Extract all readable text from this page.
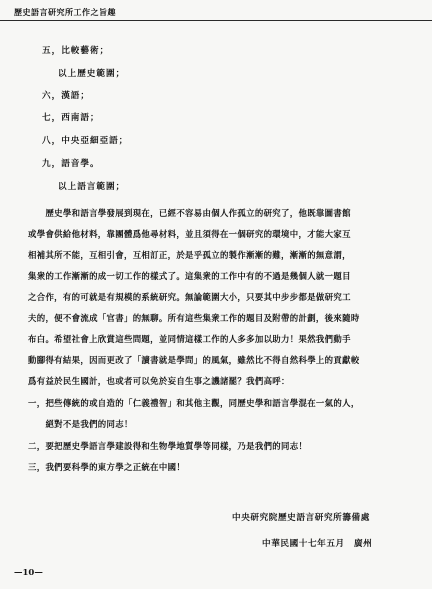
歷史語言研究所工作之旨趣
五，比較藝術；
以上歷史範圍；
六，漢語；
七，西南語；
八，中央亞細亞語；
九，語音學。
以上語言範圍；
　　歷史學和語言學發展到現在，已經不容易由個人作孤立的研究了，他既靠圖書館
或學會供給他材料，靠團體爲他尋材料，並且須得在一個研究的環境中，才能大家互
相補其所不能，互相引會，互相訂正，於是乎孤立的製作漸漸的難，漸漸的無意謂，
集衆的工作漸漸的成一切工作的樣式了。這集衆的工作中有的不過是幾個人就一題目
之合作，有的可就是有規模的系統研究。無論範圍大小，只要其中步步都是做研究工
夫的，便不會流成「官書」的無聊。所有這些集衆工作的題目及附帶的計劃，後來隨時
布白。希望社會上欣賞這些問題，並同情這樣工作的人多多加以助力！果然我們動手
動腳得有結果，因而更改了「讀書就是學問」的風氣，雖然比不得自然科學上的貢獻較
爲有益於民生國計，也或者可以免於妄自生事之譏諸罷？我們高呼：
一，把些傳統的或自造的「仁義禮智」和其他主觀，同歷史學和語言學混在一氣的人，
　　絕對不是我們的同志！
二，要把歷史學語言學建設得和生物學地質學等同樣，乃是我們的同志！
三，我們要科學的東方學之正統在中國！
中央研究院歷史語言研究所籌備處
中華民國十七年五月　廣州
—10—
